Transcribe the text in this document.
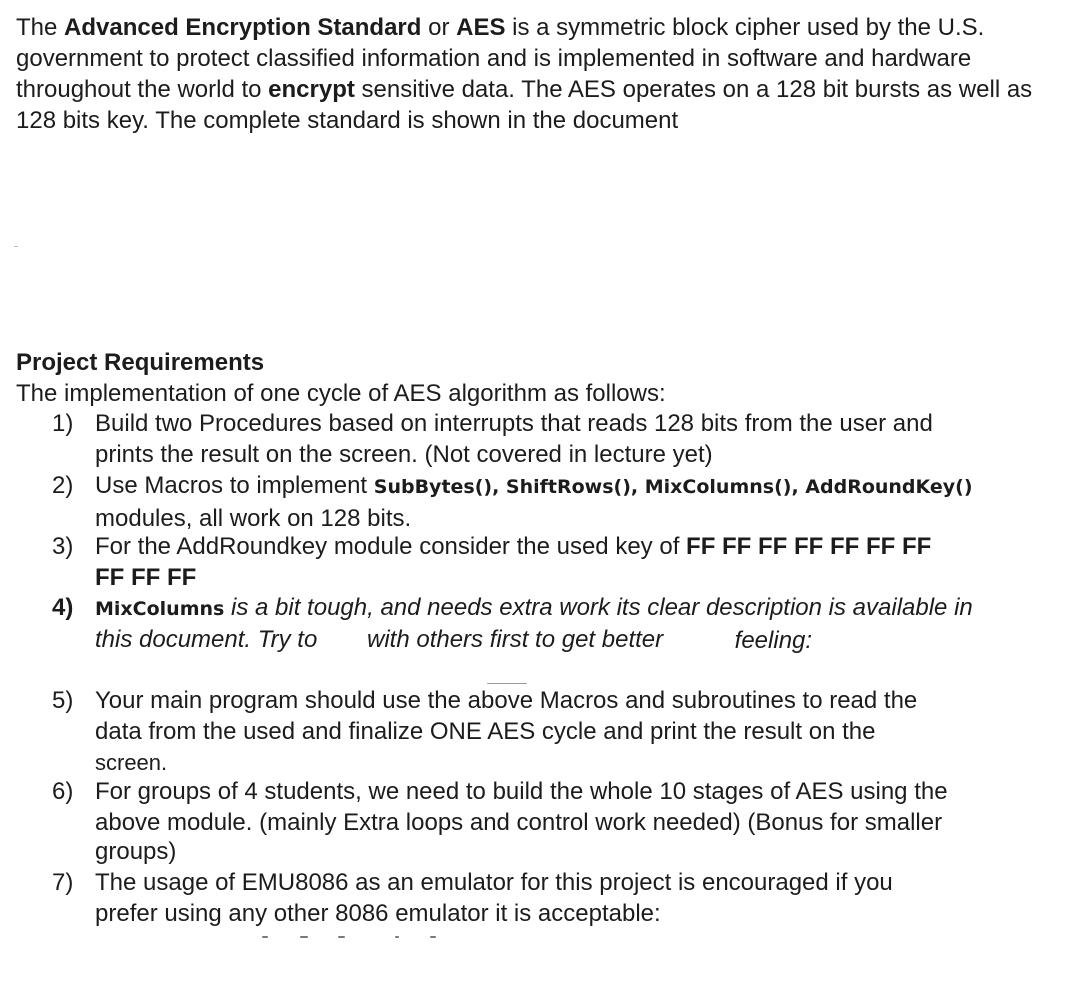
The Advanced Encryption Standard or AES is a symmetric block cipher used by the U.S. government to protect classified information and is implemented in software and hardware throughout the world to encrypt sensitive data. The AES operates on a 128 bit bursts as well as 128 bits key. The complete standard is shown in the document

Project Requirements

The implementation of one cycle of AES algorithm as follows:

1) Build two Procedures based on interrupts that reads 128 bits from the user and
prints the result on the screen. (Not covered in lecture yet)
2) Use Macros to implement SubBytes(), ShiftRows(), MixColumns(), AddRoundKey()
modules, all work on 128 bits.
3) For the AddRoundkey module consider the used key of FF FF FF FF FF FF FF
FF FF FF
4)	MixColumns is a bit tough, and needs extra work its clear description is available in
this document. Try to	with others first to get better	feeling:
5) Your main program should use the above Macros and subroutines to read the
data from the used and finalize ONE AES cycle and print the result on the
screen.
6) For groups of 4 students, we need to build the whole 10 stages of AES using the
above module. (mainly Extra loops and control work needed) (Bonus for smaller
groups)
7) The usage of EMU8086 as an emulator for this project is encouraged if you
prefer using any other 8086 emulator it is acceptable:
